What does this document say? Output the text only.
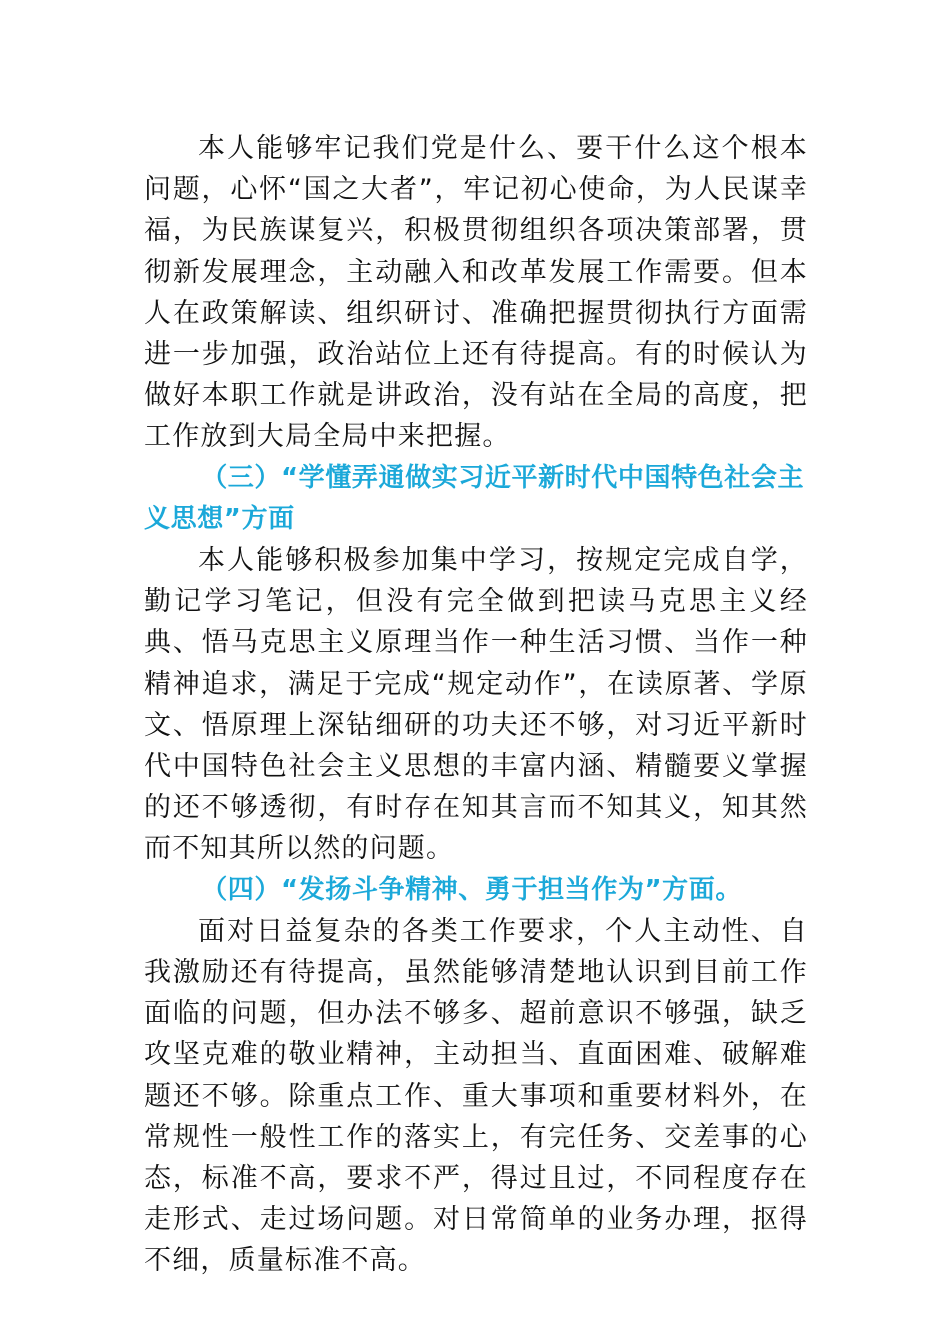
本人能够牢记我们党是什么、要干什么这个根本问题，心怀“国之大者”，牢记初心使命，为人民谋幸福，为民族谋复兴，积极贯彻组织各项决策部署，贯彻新发展理念，主动融入和改革发展工作需要。但本人在政策解读、组织研讨、准确把握贯彻执行方面需进一步加强，政治站位上还有待提高。有的时候认为做好本职工作就是讲政治，没有站在全局的高度，把工作放到大局全局中来把握。

（三）“学懂弄通做实习近平新时代中国特色社会主义思想”方面

本人能够积极参加集中学习，按规定完成自学，勤记学习笔记，但没有完全做到把读马克思主义经典、悟马克思主义原理当作一种生活习惯、当作一种精神追求，满足于完成“规定动作”，在读原著、学原文、悟原理上深钻细研的功夫还不够，对习近平新时代中国特色社会主义思想的丰富内涵、精髓要义掌握的还不够透彻，有时存在知其言而不知其义，知其然而不知其所以然的问题。

（四）“发扬斗争精神、勇于担当作为”方面。

面对日益复杂的各类工作要求，个人主动性、自我激励还有待提高，虽然能够清楚地认识到目前工作面临的问题，但办法不够多、超前意识不够强，缺乏攻坚克难的敬业精神，主动担当、直面困难、破解难题还不够。除重点工作、重大事项和重要材料外，在常规性一般性工作的落实上，有完任务、交差事的心态，标准不高，要求不严，得过且过，不同程度存在走形式、走过场问题。对日常简单的业务办理，抠得不细，质量标准不高。
